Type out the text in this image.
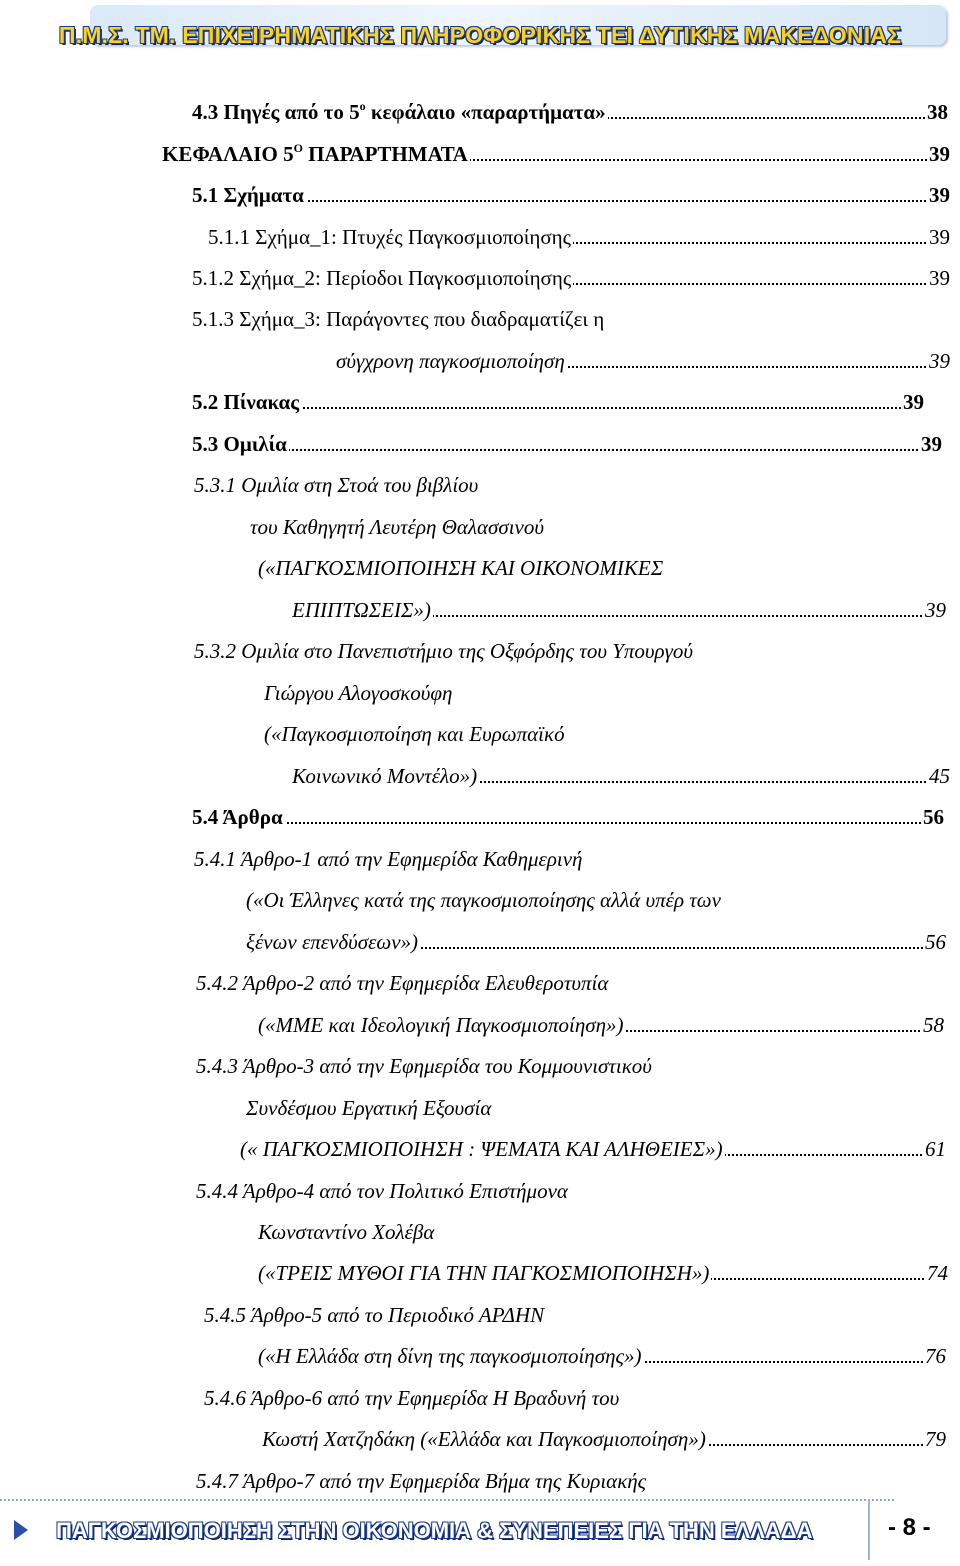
Π.Μ.Σ. ΤΜ. ΕΠΙΧΕΙΡΗΜΑΤΙΚΗΣ ΠΛΗΡΟΦΟΡΙΚΗΣ ΤΕΙ ΔΥΤΙΚΗΣ ΜΑΚΕΔΟΝΙΑΣ
4.3 Πηγές από το $5^o$ κεφάλαιο «παραρτήματα»	38
ΚΕΦΑΛΑΙΟ $5^O$ ΠΑΡΑΡΤΗΜΑΤΑ	39
5.1 Σχήματα	39
5.1.1 Σχήμα_1: Πτυχές Παγκοσμιοποίησης	39
5.1.2 Σχήμα_2: Περίοδοι Παγκοσμιοποίησης	39
5.1.3 Σχήμα_3: Παράγοντες που διαδραματίζει η
σύγχρονη παγκοσμιοποίηση	39
5.2 Πίνακας	39
5.3 Ομιλία	39
5.3.1 Ομιλία στη Στοά του βιβλίου
του Καθηγητή Λευτέρη Θαλασσινού
(«ΠΑΓΚΟΣΜΙΟΠΟΙΗΣΗ ΚΑΙ ΟΙΚΟΝΟΜΙΚΕΣ
ΕΠΙΠΤΩΣΕΙΣ»)	39
5.3.2 Ομιλία στο Πανεπιστήμιο της Οξφόρδης του Υπουργού
Γιώργου Αλογοσκούφη
(«Παγκοσμιοποίηση και Ευρωπαϊκό
Κοινωνικό Μοντέλο»)	45
5.4 Άρθρα	56
5.4.1 Άρθρο-1 από την Εφημερίδα Καθημερινή
(«Οι Έλληνες κατά της παγκοσμιοποίησης αλλά υπέρ των
ξένων επενδύσεων»)	56
5.4.2 Άρθρο-2 από την Εφημερίδα Ελευθεροτυπία
(«ΜΜΕ και Ιδεολογική Παγκοσμιοποίηση»)	58
5.4.3 Άρθρο-3 από την Εφημερίδα του Κομμουνιστικού
Συνδέσμου Εργατική Εξουσία
(« ΠΑΓΚΟΣΜΙΟΠΟΙΗΣΗ : ΨΕΜΑΤΑ ΚΑΙ ΑΛΗΘΕΙΕΣ»)	61
5.4.4 Άρθρο-4 από τον Πολιτικό Επιστήμονα
Κωνσταντίνο Χολέβα
(«ΤΡΕΙΣ ΜΥΘΟΙ ΓΙΑ ΤΗΝ ΠΑΓΚΟΣΜΙΟΠΟΙΗΣΗ»)	74
5.4.5 Άρθρο-5 από το Περιοδικό ΑΡΔΗΝ
(«Η Ελλάδα στη δίνη της παγκοσμιοποίησης»)	76
5.4.6 Άρθρο-6 από την Εφημερίδα Η Βραδυνή του
Κωστή Χατζηδάκη («Ελλάδα και Παγκοσμιοποίηση»)	79
5.4.7 Άρθρο-7 από την Εφημερίδα Βήμα της Κυριακής
ΠΑΓΚΟΣΜΙΟΠΟΙΗΣΗ ΣΤΗΝ ΟΙΚΟΝΟΜΙΑ & ΣΥΝΕΠΕΙΕΣ ΓΙΑ ΤΗΝ ΕΛΛΑΔΑ	- 8 -
